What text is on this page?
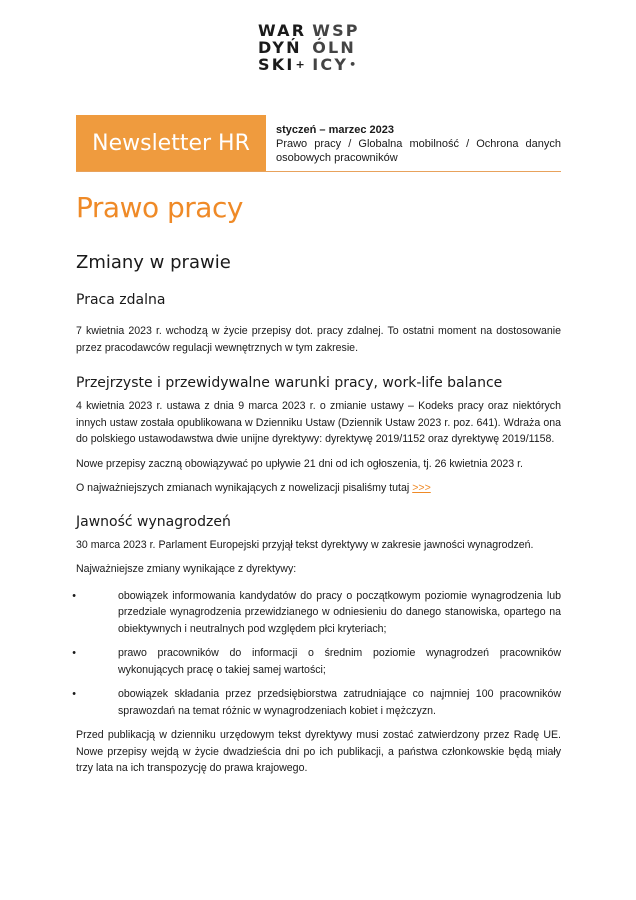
WAR
DYŃ
SKI+
WSP
ÓLN
ICY•
Newsletter HR
styczeń – marzec 2023
Prawo pracy / Globalna mobilność / Ochrona danych osobowych pracowników
Prawo pracy
Zmiany w prawie
Praca zdalna

7 kwietnia 2023 r. wchodzą w życie przepisy dot. pracy zdalnej. To ostatni moment na dostosowanie przez pracodawców regulacji wewnętrznych w tym zakresie.

Przejrzyste i przewidywalne warunki pracy, work-life balance

4 kwietnia 2023 r. ustawa z dnia 9 marca 2023 r. o zmianie ustawy – Kodeks pracy oraz niektórych innych ustaw została opublikowana w Dzienniku Ustaw (Dziennik Ustaw 2023 r. poz. 641). Wdraża ona do polskiego ustawodawstwa dwie unijne dyrektywy: dyrektywę 2019/1152 oraz dyrektywę 2019/1158.

Nowe przepisy zaczną obowiązywać po upływie 21 dni od ich ogłoszenia, tj. 26 kwietnia 2023 r.

O najważniejszych zmianach wynikających z nowelizacji pisaliśmy tutaj >>>

Jawność wynagrodzeń

30 marca 2023 r. Parlament Europejski przyjął tekst dyrektywy w zakresie jawności wynagrodzeń.

Najważniejsze zmiany wynikające z dyrektywy:

• obowiązek informowania kandydatów do pracy o początkowym poziomie wynagrodzenia lub przedziale wynagrodzenia przewidzianego w odniesieniu do danego stanowiska, opartego na obiektywnych i neutralnych pod względem płci kryteriach;
• prawo pracowników do informacji o średnim poziomie wynagrodzeń pracowników wykonujących pracę o takiej samej wartości;
• obowiązek składania przez przedsiębiorstwa zatrudniające co najmniej 100 pracowników sprawozdań na temat różnic w wynagrodzeniach kobiet i mężczyzn.

Przed publikacją w dzienniku urzędowym tekst dyrektywy musi zostać zatwierdzony przez Radę UE. Nowe przepisy wejdą w życie dwadzieścia dni po ich publikacji, a państwa członkowskie będą miały trzy lata na ich transpozycję do prawa krajowego.
